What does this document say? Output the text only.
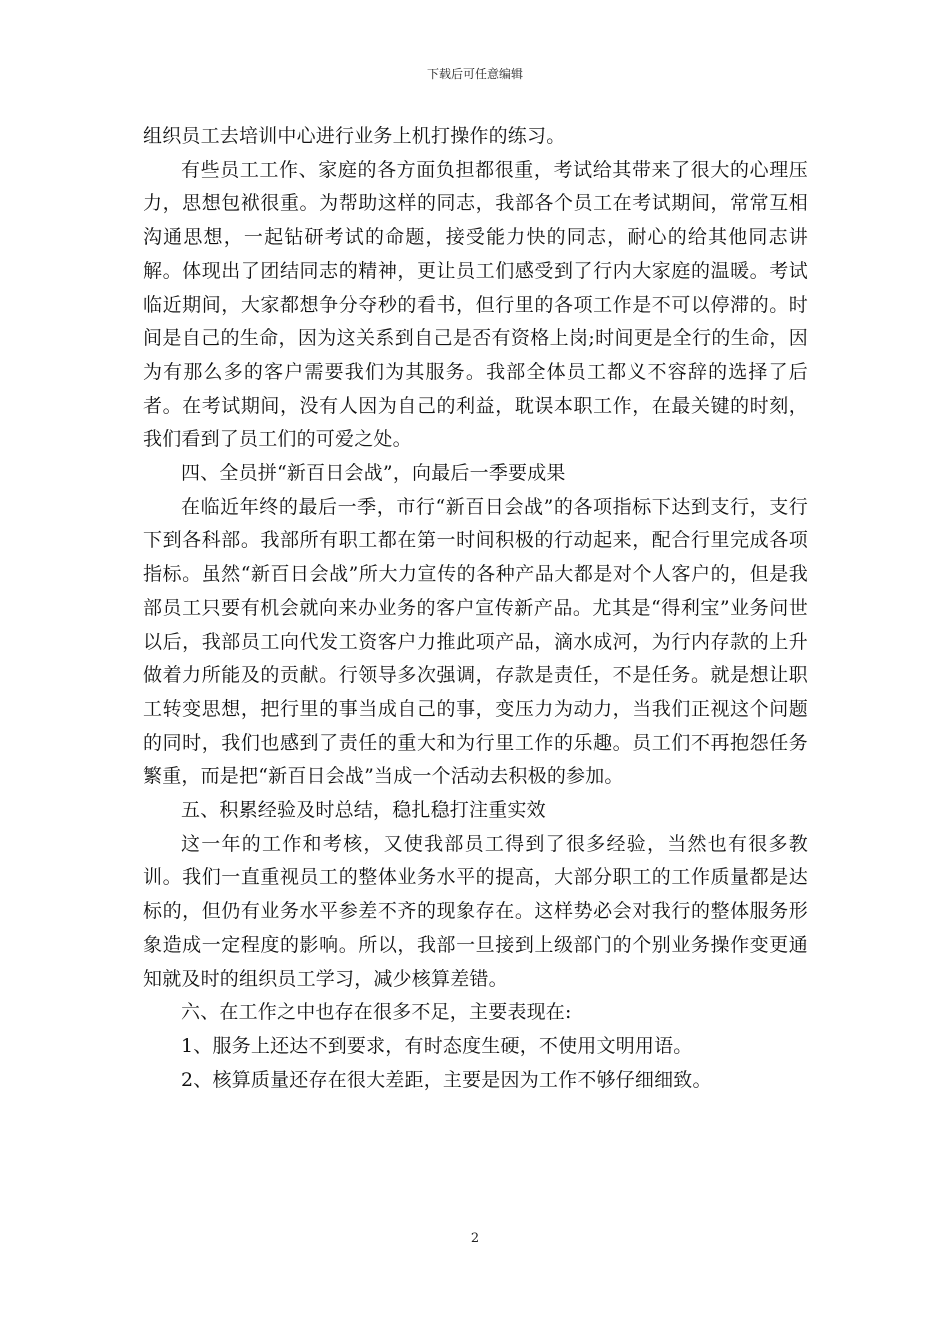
下载后可任意编辑

组织员工去培训中心进行业务上机打操作的练习。

有些员工工作、家庭的各方面负担都很重，考试给其带来了很大的心理压力，思想包袱很重。为帮助这样的同志，我部各个员工在考试期间，常常互相沟通思想，一起钻研考试的命题，接受能力快的同志，耐心的给其他同志讲解。体现出了团结同志的精神，更让员工们感受到了行内大家庭的温暖。考试临近期间，大家都想争分夺秒的看书，但行里的各项工作是不可以停滞的。时间是自己的生命，因为这关系到自己是否有资格上岗;时间更是全行的生命，因为有那么多的客户需要我们为其服务。我部全体员工都义不容辞的选择了后者。在考试期间，没有人因为自己的利益，耽误本职工作，在最关键的时刻，我们看到了员工们的可爱之处。

四、全员拼“新百日会战”，向最后一季要成果

在临近年终的最后一季，市行“新百日会战”的各项指标下达到支行，支行下到各科部。我部所有职工都在第一时间积极的行动起来，配合行里完成各项指标。虽然“新百日会战”所大力宣传的各种产品大都是对个人客户的，但是我部员工只要有机会就向来办业务的客户宣传新产品。尤其是“得利宝”业务问世以后，我部员工向代发工资客户力推此项产品，滴水成河，为行内存款的上升做着力所能及的贡献。行领导多次强调，存款是责任，不是任务。就是想让职工转变思想，把行里的事当成自己的事，变压力为动力，当我们正视这个问题的同时，我们也感到了责任的重大和为行里工作的乐趣。员工们不再抱怨任务繁重，而是把“新百日会战”当成一个活动去积极的参加。

五、积累经验及时总结，稳扎稳打注重实效

这一年的工作和考核，又使我部员工得到了很多经验，当然也有很多教训。我们一直重视员工的整体业务水平的提高，大部分职工的工作质量都是达标的，但仍有业务水平参差不齐的现象存在。这样势必会对我行的整体服务形象造成一定程度的影响。所以，我部一旦接到上级部门的个别业务操作变更通知就及时的组织员工学习，减少核算差错。

六、在工作之中也存在很多不足，主要表现在:

1、服务上还达不到要求，有时态度生硬，不使用文明用语。

2、核算质量还存在很大差距，主要是因为工作不够仔细细致。

2
